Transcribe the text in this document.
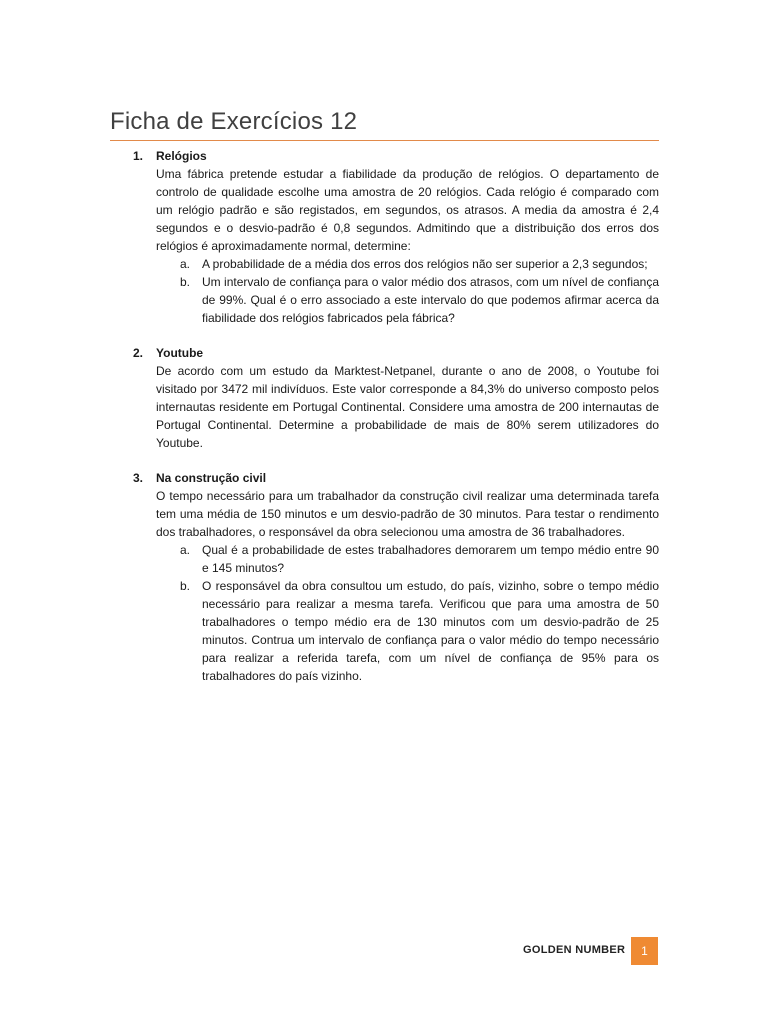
Ficha de Exercícios 12
1. Relógios
Uma fábrica pretende estudar a fiabilidade da produção de relógios. O departamento de controlo de qualidade escolhe uma amostra de 20 relógios. Cada relógio é comparado com um relógio padrão e são registados, em segundos, os atrasos. A media da amostra é 2,4 segundos e o desvio-padrão é 0,8 segundos. Admitindo que a distribuição dos erros dos relógios é aproximadamente normal, determine:
a. A probabilidade de a média dos erros dos relógios não ser superior a 2,3 segundos;
b. Um intervalo de confiança para o valor médio dos atrasos, com um nível de confiança de 99%. Qual é o erro associado a este intervalo do que podemos afirmar acerca da fiabilidade dos relógios fabricados pela fábrica?
2. Youtube
De acordo com um estudo da Marktest-Netpanel, durante o ano de 2008, o Youtube foi visitado por 3472 mil indivíduos. Este valor corresponde a 84,3% do universo composto pelos internautas residente em Portugal Continental. Considere uma amostra de 200 internautas de Portugal Continental. Determine a probabilidade de mais de 80% serem utilizadores do Youtube.
3. Na construção civil
O tempo necessário para um trabalhador da construção civil realizar uma determinada tarefa tem uma média de 150 minutos e um desvio-padrão de 30 minutos. Para testar o rendimento dos trabalhadores, o responsável da obra selecionou uma amostra de 36 trabalhadores.
a. Qual é a probabilidade de estes trabalhadores demorarem um tempo médio entre 90 e 145 minutos?
b. O responsável da obra consultou um estudo, do país, vizinho, sobre o tempo médio necessário para realizar a mesma tarefa. Verificou que para uma amostra de 50 trabalhadores o tempo médio era de 130 minutos com um desvio-padrão de 25 minutos. Contrua um intervalo de confiança para o valor médio do tempo necessário para realizar a referida tarefa, com um nível de confiança de 95% para os trabalhadores do país vizinho.
GOLDEN NUMBER	1
